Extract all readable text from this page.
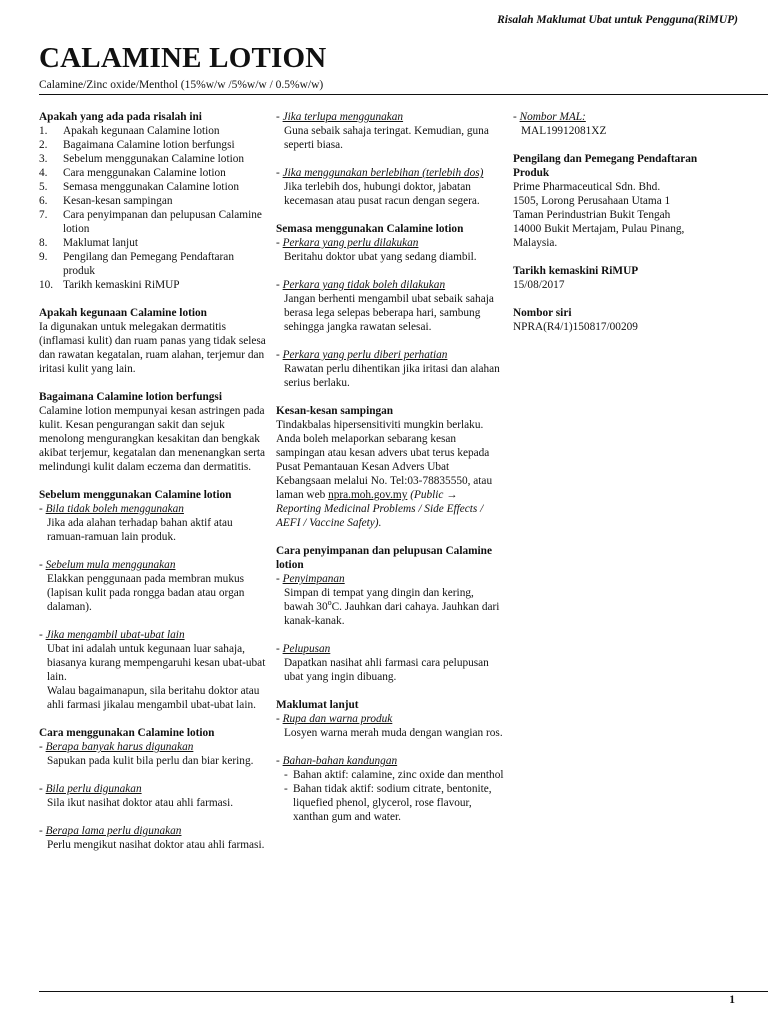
Risalah Maklumat Ubat untuk Pengguna(RiMUP)
CALAMINE LOTION
Calamine/Zinc oxide/Menthol (15%w/w /5%w/w / 0.5%w/w)
Apakah yang ada pada risalah ini
1.	Apakah kegunaan Calamine lotion
2.	Bagaimana Calamine lotion berfungsi
3.	Sebelum menggunakan Calamine lotion
4.	Cara menggunakan Calamine lotion
5.	Semasa menggunakan Calamine lotion
6.	Kesan-kesan sampingan
7.	Cara penyimpanan dan pelupusan Calamine lotion
8.	Maklumat lanjut
9.	Pengilang dan Pemegang Pendaftaran produk
10. Tarikh kemaskini RiMUP
Apakah kegunaan Calamine lotion
Ia digunakan untuk melegakan dermatitis (inflamasi kulit) dan ruam panas yang tidak selesa dan rawatan kegatalan, ruam alahan, terjemur dan iritasi kulit yang lain.
Bagaimana Calamine lotion berfungsi
Calamine lotion mempunyai kesan astringen pada kulit. Kesan pengurangan sakit dan sejuk menolong mengurangkan kesakitan dan bengkak akibat terjemur, kegatalan dan menenangkan serta melindungi kulit dalam eczema dan dermatitis.
Sebelum menggunakan Calamine lotion
- Bila tidak boleh menggunakan
Jika ada alahan terhadap bahan aktif atau ramuan-ramuan lain produk.
- Sebelum mula menggunakan
Elakkan penggunaan pada membran mukus (lapisan kulit pada rongga badan atau organ dalaman).
- Jika mengambil ubat-ubat lain
Ubat ini adalah untuk kegunaan luar sahaja, biasanya kurang mempengaruhi kesan ubat-ubat lain.
Walau bagaimanapun, sila beritahu doktor atau ahli farmasi jikalau mengambil ubat-ubat lain.
Cara menggunakan Calamine lotion
- Berapa banyak harus digunakan
Sapukan pada kulit bila perlu dan biar kering.
- Bila perlu digunakan
Sila ikut nasihat doktor atau ahli farmasi.
- Berapa lama perlu digunakan
Perlu mengikut nasihat doktor atau ahli farmasi.
- Jika terlupa menggunakan
Guna sebaik sahaja teringat. Kemudian, guna seperti biasa.
- Jika menggunakan berlebihan (terlebih dos)
Jika terlebih dos, hubungi doktor, jabatan kecemasan atau pusat racun dengan segera.
Semasa menggunakan Calamine lotion
- Perkara yang perlu dilakukan
Beritahu doktor ubat yang sedang diambil.
- Perkara yang tidak boleh dilakukan
Jangan berhenti mengambil ubat sebaik sahaja berasa lega selepas beberapa hari, sambung sehingga jangka rawatan selesai.
- Perkara yang perlu diberi perhatian
Rawatan perlu dihentikan jika iritasi dan alahan serius berlaku.
Kesan-kesan sampingan
Tindakbalas hipersensitiviti mungkin berlaku.
Anda boleh melaporkan sebarang kesan sampingan atau kesan advers ubat terus kepada Pusat Pemantauan Kesan Advers Ubat Kebangsaan melalui No. Tel:03-78835550, atau laman web npra.moh.gov.my (Public → Reporting Medicinal Problems / Side Effects / AEFI / Vaccine Safety).
Cara penyimpanan dan pelupusan Calamine lotion
- Penyimpanan
Simpan di tempat yang dingin dan kering, bawah 30$^o$C. Jauhkan dari cahaya. Jauhkan dari kanak-kanak.
- Pelupusan
Dapatkan nasihat ahli farmasi cara pelupusan ubat yang ingin dibuang.
Maklumat lanjut
- Rupa dan warna produk
Losyen warna merah muda dengan wangian ros.
- Bahan-bahan kandungan
- Bahan aktif: calamine, zinc oxide dan menthol
- Bahan tidak aktif: sodium citrate, bentonite, liquefied phenol, glycerol, rose flavour, xanthan gum and water.
- Nombor MAL:
MAL19912081XZ
Pengilang dan Pemegang Pendaftaran Produk
Prime Pharmaceutical Sdn. Bhd.
1505, Lorong Perusahaan Utama 1
Taman Perindustrian Bukit Tengah
14000 Bukit Mertajam, Pulau Pinang, Malaysia.
Tarikh kemaskini RiMUP
15/08/2017
Nombor siri
NPRA(R4/1)150817/00209
1
